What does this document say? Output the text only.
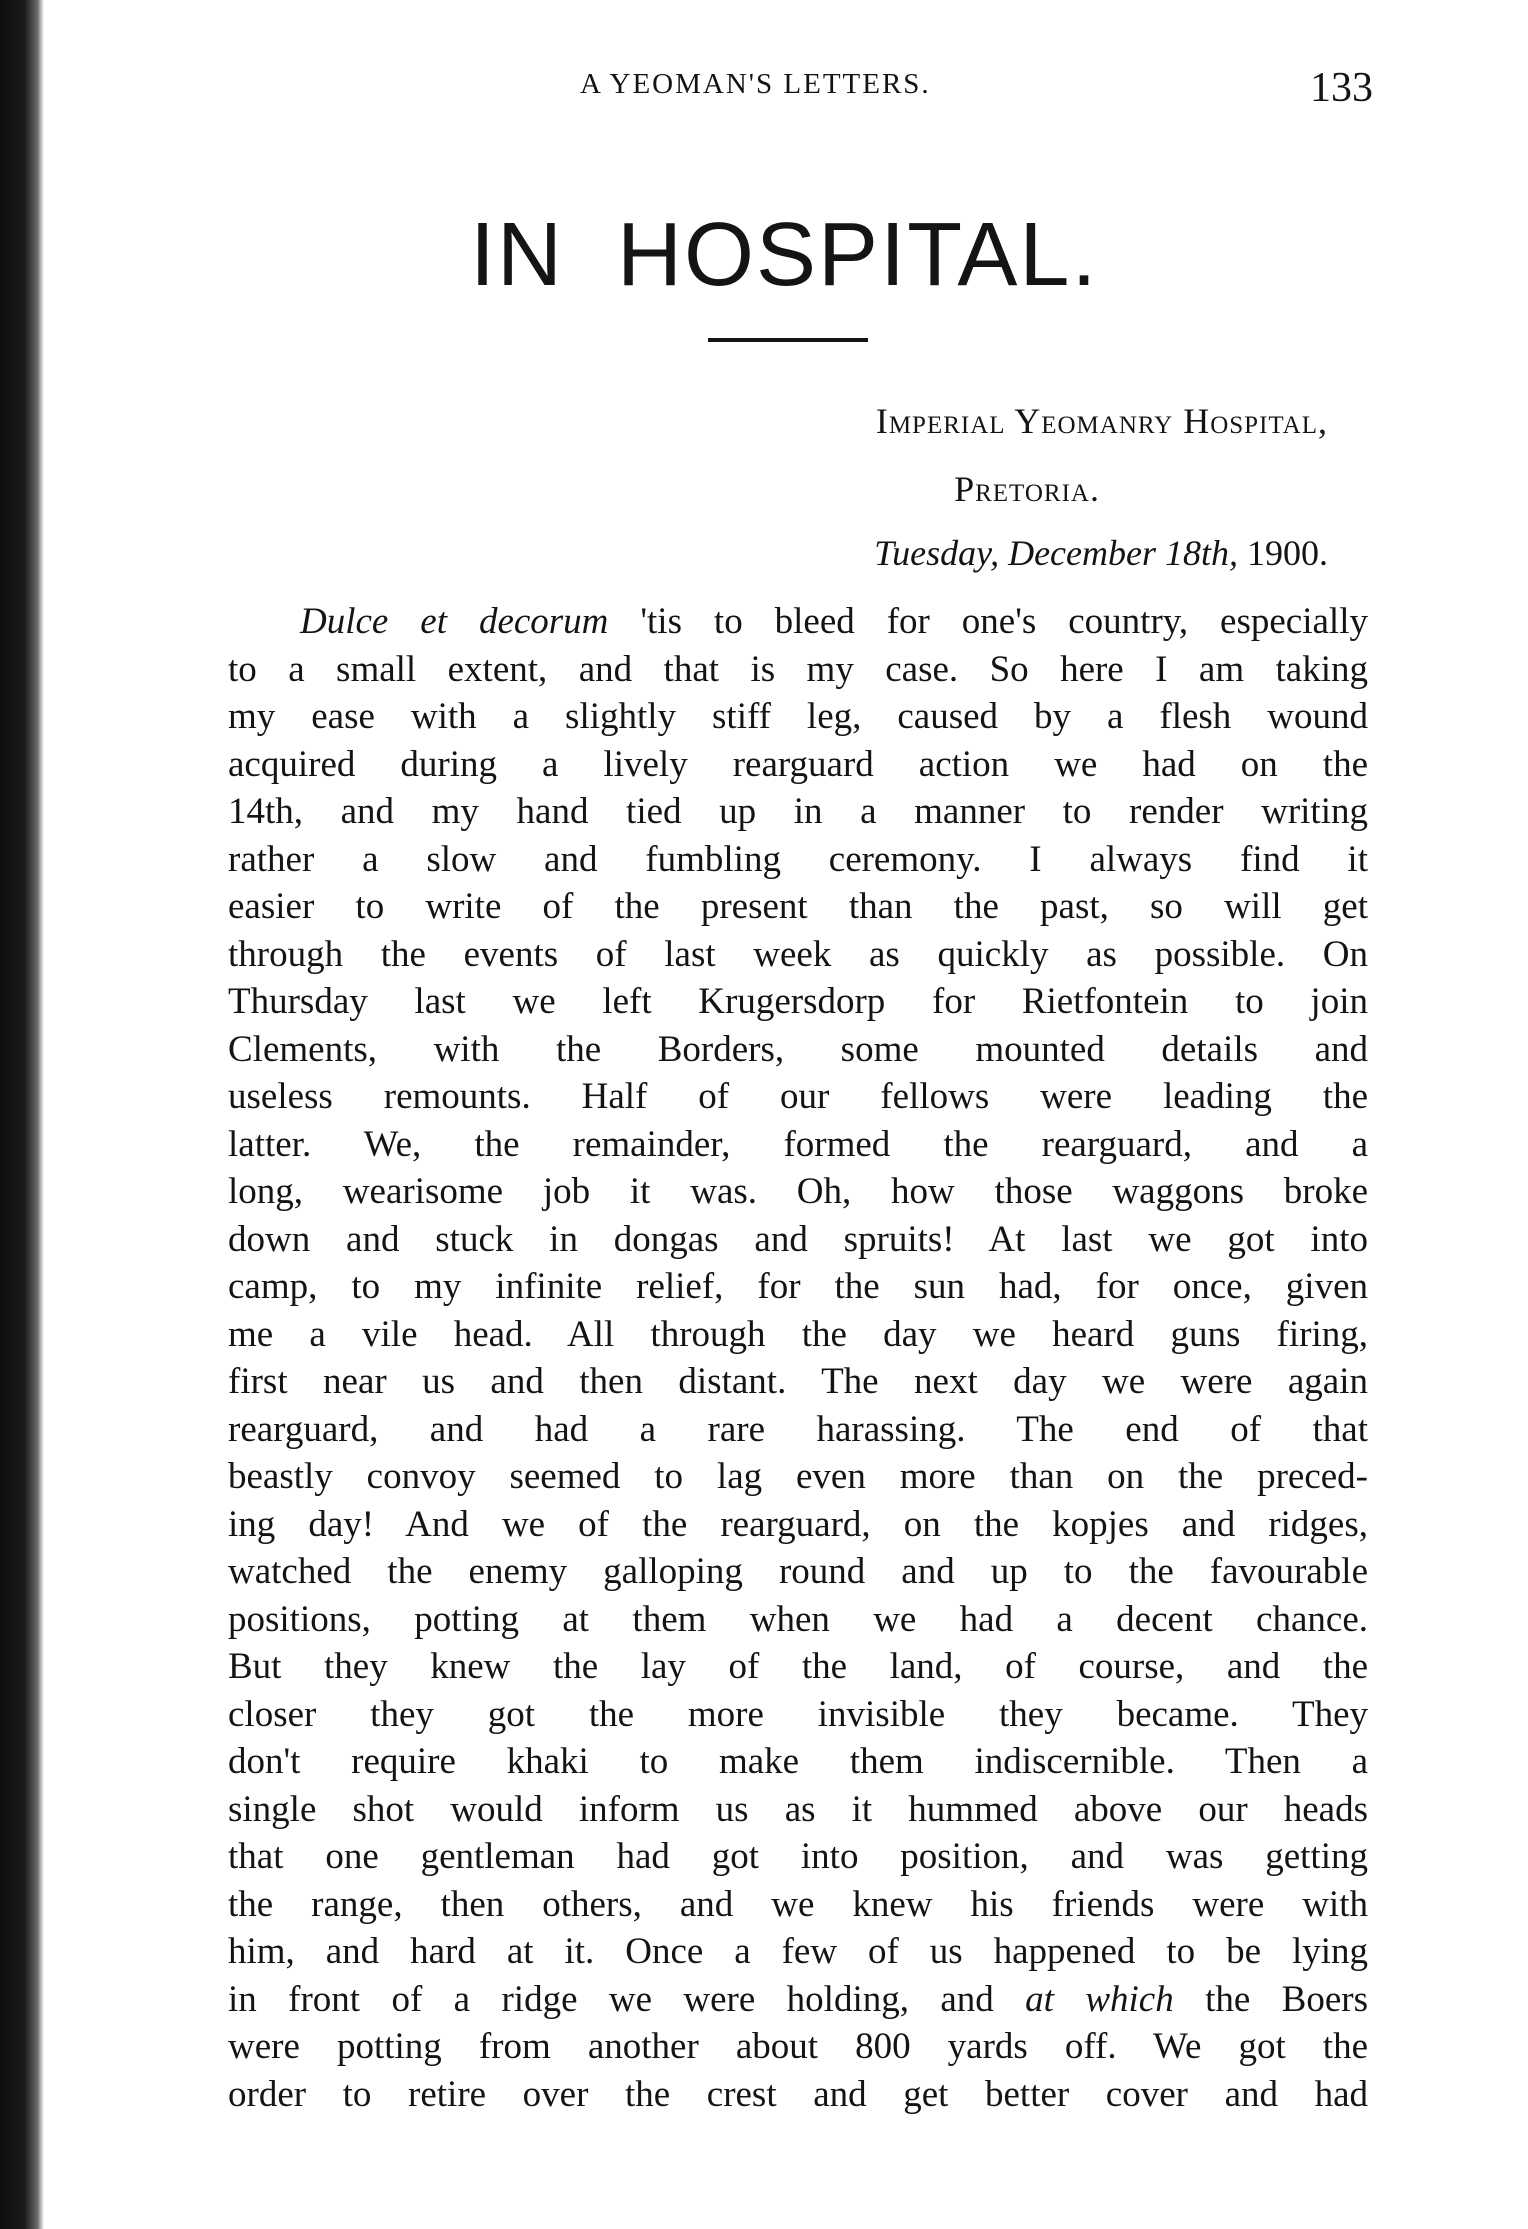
A YEOMAN'S LETTERS.	133
IN HOSPITAL.
Imperial Yeomanry Hospital,
Pretoria.
Tuesday, December 18th, 1900.
Dulce et decorum 'tis to bleed for one's country, especially
to a small extent, and that is my case. So here I am taking
my ease with a slightly stiff leg, caused by a flesh wound
acquired during a lively rearguard action we had on the
14th, and my hand tied up in a manner to render writing
rather a slow and fumbling ceremony. I always find it
easier to write of the present than the past, so will get
through the events of last week as quickly as possible. On
Thursday last we left Krugersdorp for Rietfontein to join
Clements, with the Borders, some mounted details and
useless remounts. Half of our fellows were leading the
latter. We, the remainder, formed the rearguard, and a
long, wearisome job it was. Oh, how those waggons broke
down and stuck in dongas and spruits! At last we got into
camp, to my infinite relief, for the sun had, for once, given
me a vile head. All through the day we heard guns firing,
first near us and then distant. The next day we were again
rearguard, and had a rare harassing. The end of that
beastly convoy seemed to lag even more than on the preced-
ing day! And we of the rearguard, on the kopjes and ridges,
watched the enemy galloping round and up to the favourable
positions, potting at them when we had a decent chance.
But they knew the lay of the land, of course, and the
closer they got the more invisible they became. They
don't require khaki to make them indiscernible. Then a
single shot would inform us as it hummed above our heads
that one gentleman had got into position, and was getting
the range, then others, and we knew his friends were with
him, and hard at it. Once a few of us happened to be lying
in front of a ridge we were holding, and at which the Boers
were potting from another about 800 yards off. We got the
order to retire over the crest and get better cover and had
